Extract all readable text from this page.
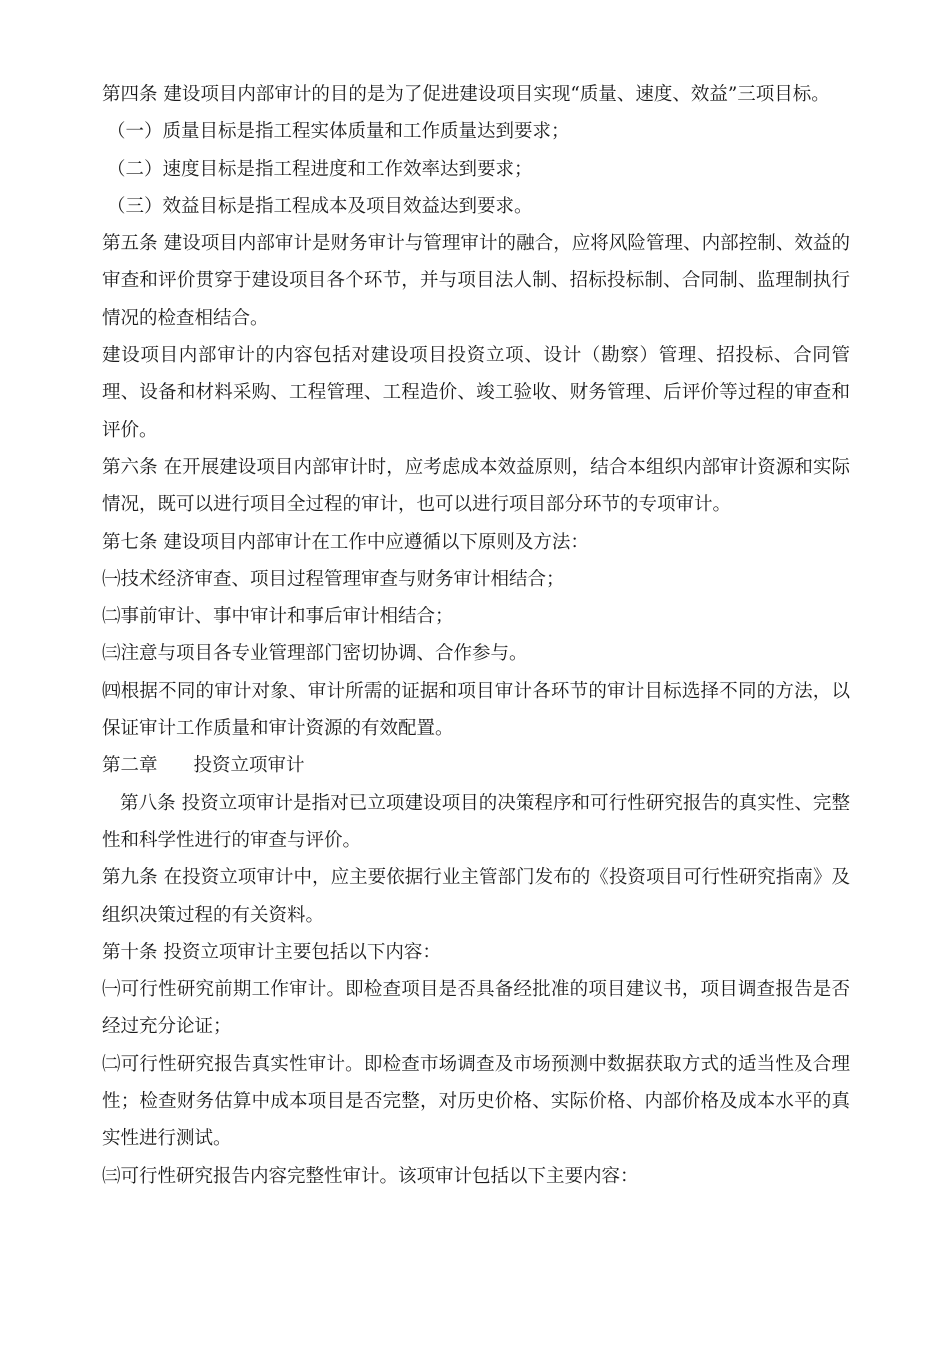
第四条 建设项目内部审计的目的是为了促进建设项目实现“质量、速度、效益”三项目标。

（一）质量目标是指工程实体质量和工作质量达到要求；

（二）速度目标是指工程进度和工作效率达到要求；

（三）效益目标是指工程成本及项目效益达到要求。

第五条 建设项目内部审计是财务审计与管理审计的融合，应将风险管理、内部控制、效益的审查和评价贯穿于建设项目各个环节，并与项目法人制、招标投标制、合同制、监理制执行情况的检查相结合。

建设项目内部审计的内容包括对建设项目投资立项、设计（勘察）管理、招投标、合同管理、设备和材料采购、工程管理、工程造价、竣工验收、财务管理、后评价等过程的审查和评价。

第六条 在开展建设项目内部审计时，应考虑成本效益原则，结合本组织内部审计资源和实际情况，既可以进行项目全过程的审计，也可以进行项目部分环节的专项审计。

第七条 建设项目内部审计在工作中应遵循以下原则及方法：

㈠技术经济审查、项目过程管理审查与财务审计相结合；

㈡事前审计、事中审计和事后审计相结合；

㈢注意与项目各专业管理部门密切协调、合作参与。

㈣根据不同的审计对象、审计所需的证据和项目审计各环节的审计目标选择不同的方法，以保证审计工作质量和审计资源的有效配置。

第二章 投资立项审计

第八条 投资立项审计是指对已立项建设项目的决策程序和可行性研究报告的真实性、完整性和科学性进行的审查与评价。

第九条 在投资立项审计中，应主要依据行业主管部门发布的《投资项目可行性研究指南》及组织决策过程的有关资料。

第十条 投资立项审计主要包括以下内容：

㈠可行性研究前期工作审计。即检查项目是否具备经批准的项目建议书，项目调查报告是否经过充分论证；

㈡可行性研究报告真实性审计。即检查市场调查及市场预测中数据获取方式的适当性及合理性；检查财务估算中成本项目是否完整，对历史价格、实际价格、内部价格及成本水平的真实性进行测试。

㈢可行性研究报告内容完整性审计。该项审计包括以下主要内容：
